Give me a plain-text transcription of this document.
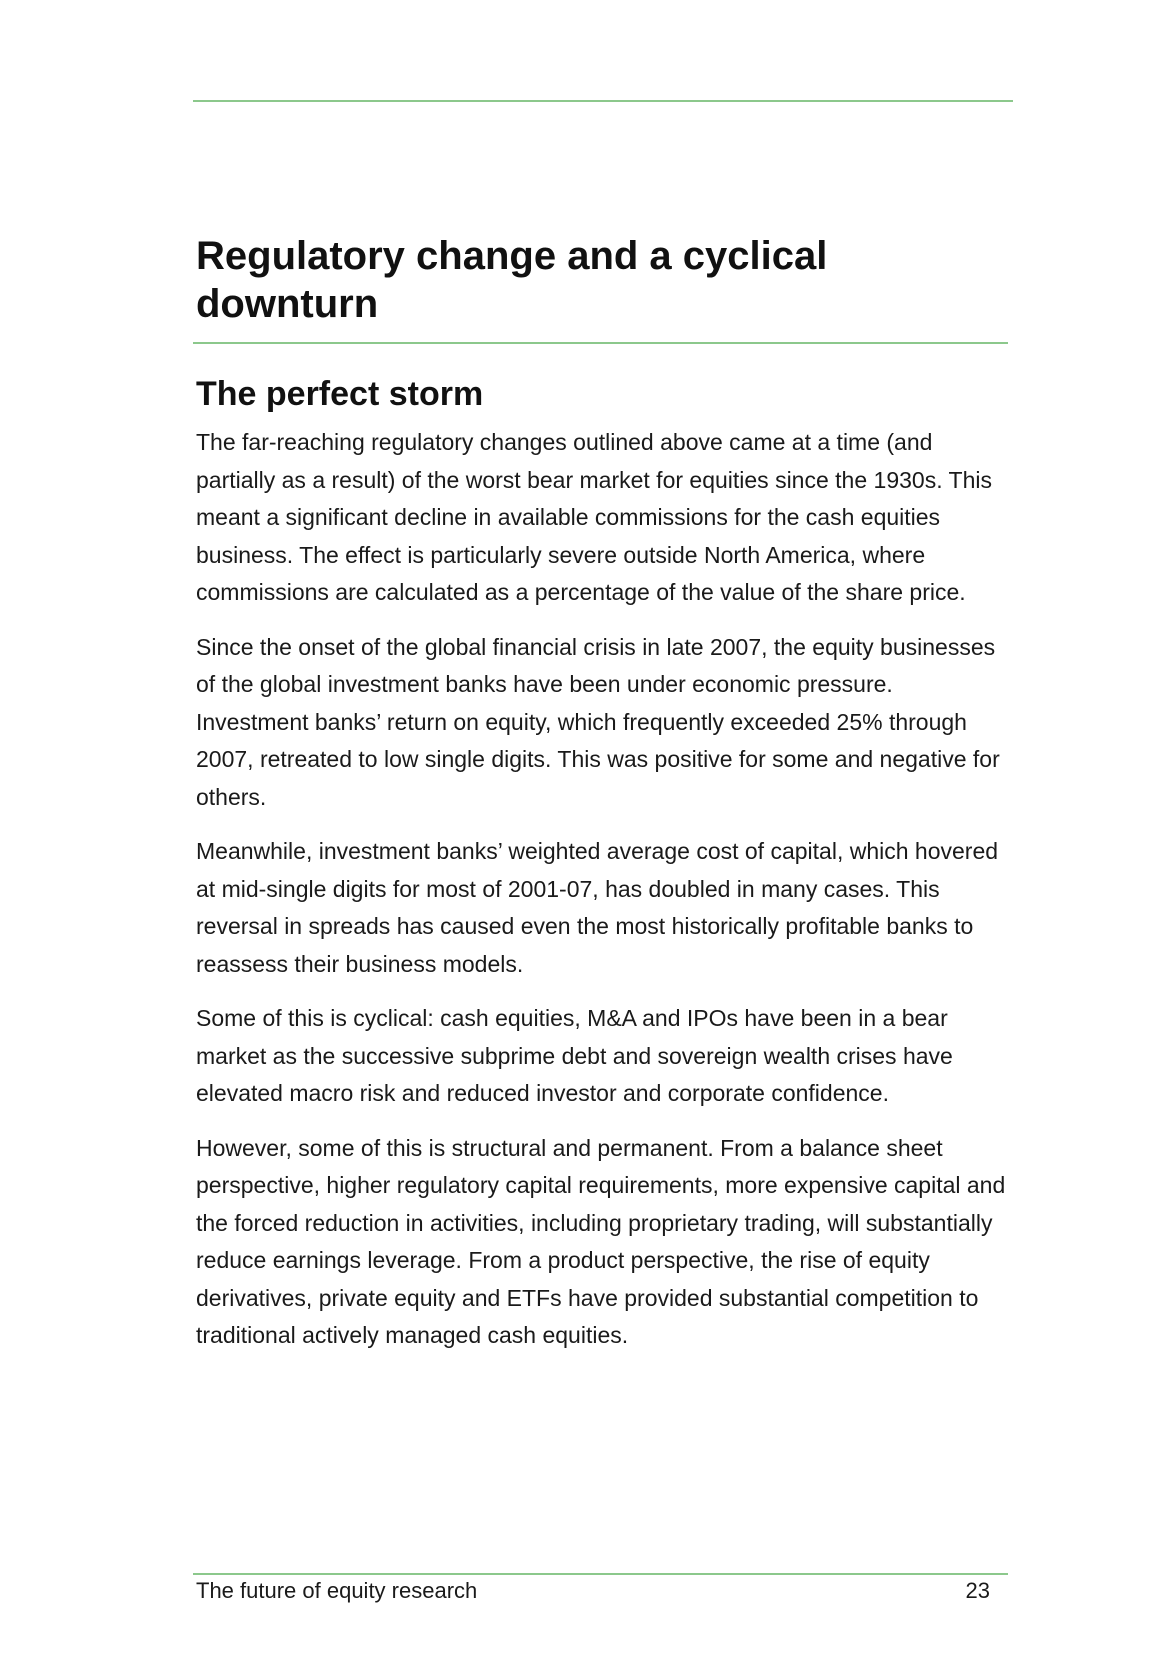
Regulatory change and a cyclical downturn
The perfect storm

The far-reaching regulatory changes outlined above came at a time (and partially as a result) of the worst bear market for equities since the 1930s. This meant a significant decline in available commissions for the cash equities business. The effect is particularly severe outside North America, where commissions are calculated as a percentage of the value of the share price.

Since the onset of the global financial crisis in late 2007, the equity businesses of the global investment banks have been under economic pressure. Investment banks’ return on equity, which frequently exceeded 25% through 2007, retreated to low single digits. This was positive for some and negative for others.

Meanwhile, investment banks’ weighted average cost of capital, which hovered at mid-single digits for most of 2001-07, has doubled in many cases. This reversal in spreads has caused even the most historically profitable banks to reassess their business models.

Some of this is cyclical: cash equities, M&A and IPOs have been in a bear market as the successive subprime debt and sovereign wealth crises have elevated macro risk and reduced investor and corporate confidence.

However, some of this is structural and permanent. From a balance sheet perspective, higher regulatory capital requirements, more expensive capital and the forced reduction in activities, including proprietary trading, will substantially reduce earnings leverage. From a product perspective, the rise of equity derivatives, private equity and ETFs have provided substantial competition to traditional actively managed cash equities.

The future of equity research	23
